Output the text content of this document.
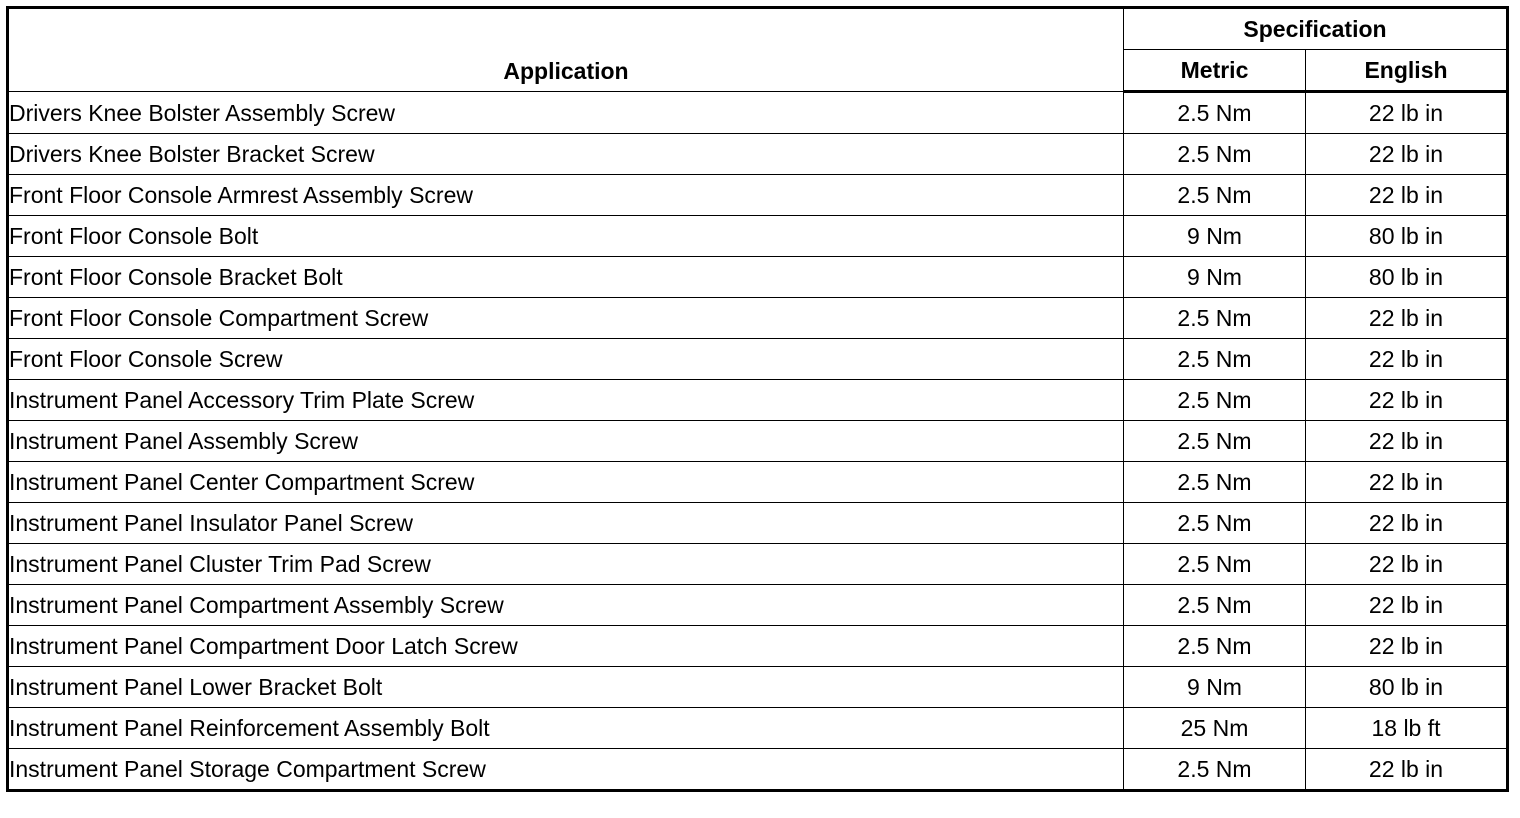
Application	Specification	
	Metric	English
Drivers Knee Bolster Assembly Screw	2.5 Nm	22 lb in
Drivers Knee Bolster Bracket Screw	2.5 Nm	22 lb in
Front Floor Console Armrest Assembly Screw	2.5 Nm	22 lb in
Front Floor Console Bolt	9 Nm	80 lb in
Front Floor Console Bracket Bolt	9 Nm	80 lb in
Front Floor Console Compartment Screw	2.5 Nm	22 lb in
Front Floor Console Screw	2.5 Nm	22 lb in
Instrument Panel Accessory Trim Plate Screw	2.5 Nm	22 lb in
Instrument Panel Assembly Screw	2.5 Nm	22 lb in
Instrument Panel Center Compartment Screw	2.5 Nm	22 lb in
Instrument Panel Insulator Panel Screw	2.5 Nm	22 lb in
Instrument Panel Cluster Trim Pad Screw	2.5 Nm	22 lb in
Instrument Panel Compartment Assembly Screw	2.5 Nm	22 lb in
Instrument Panel Compartment Door Latch Screw	2.5 Nm	22 lb in
Instrument Panel Lower Bracket Bolt	9 Nm	80 lb in
Instrument Panel Reinforcement Assembly Bolt	25 Nm	18 lb ft
Instrument Panel Storage Compartment Screw	2.5 Nm	22 lb in
